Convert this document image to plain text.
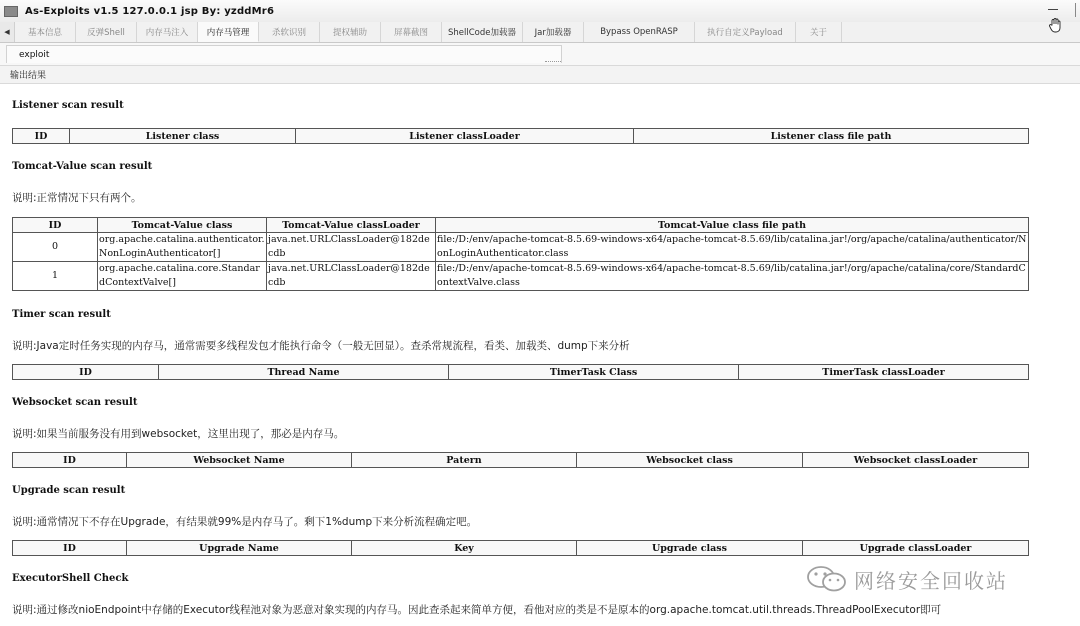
As-Exploits v1.5 127.0.0.1 jsp By: yzddMr6
◀	基本信息	反弹Shell	内存马注入	内存马管理	杀软识别	提权辅助	屏幕截图	ShellCode加载器	Jar加载器	Bypass OpenRASP	执行自定义Payload	关于
exploit
输出结果
Listener scan result
ID	Listener class	Listener classLoader	Listener class file path
Tomcat-Value scan result
说明:正常情况下只有两个。
ID	Tomcat-Value class	Tomcat-Value classLoader	Tomcat-Value class file path
0	org.apache.catalina.authenticator.NonLoginAuthenticator[]	java.net.URLClassLoader@182decdb	file:/D:/env/apache-tomcat-8.5.69-windows-x64/apache-tomcat-8.5.69/lib/catalina.jar!/org/apache/catalina/authenticator/NonLoginAuthenticator.class
1	org.apache.catalina.core.StandardContextValve[]	java.net.URLClassLoader@182decdb	file:/D:/env/apache-tomcat-8.5.69-windows-x64/apache-tomcat-8.5.69/lib/catalina.jar!/org/apache/catalina/core/StandardContextValve.class
Timer scan result
说明:Java定时任务实现的内存马，通常需要多线程发包才能执行命令（一般无回显）。查杀常规流程，看类、加载类、dump下来分析
ID	Thread Name	TimerTask Class	TimerTask classLoader
Websocket scan result
说明:如果当前服务没有用到websocket，这里出现了，那必是内存马。
ID	Websocket Name	Patern	Websocket class	Websocket classLoader
Upgrade scan result
说明:通常情况下不存在Upgrade，有结果就99%是内存马了。剩下1%dump下来分析流程确定吧。
ID	Upgrade Name	Key	Upgrade class	Upgrade classLoader
ExecutorShell Check
说明:通过修改nioEndpoint中存储的Executor线程池对象为恶意对象实现的内存马。因此查杀起来简单方便，看他对应的类是不是原本的org.apache.tomcat.util.threads.ThreadPoolExecutor即可
网络安全回收站
